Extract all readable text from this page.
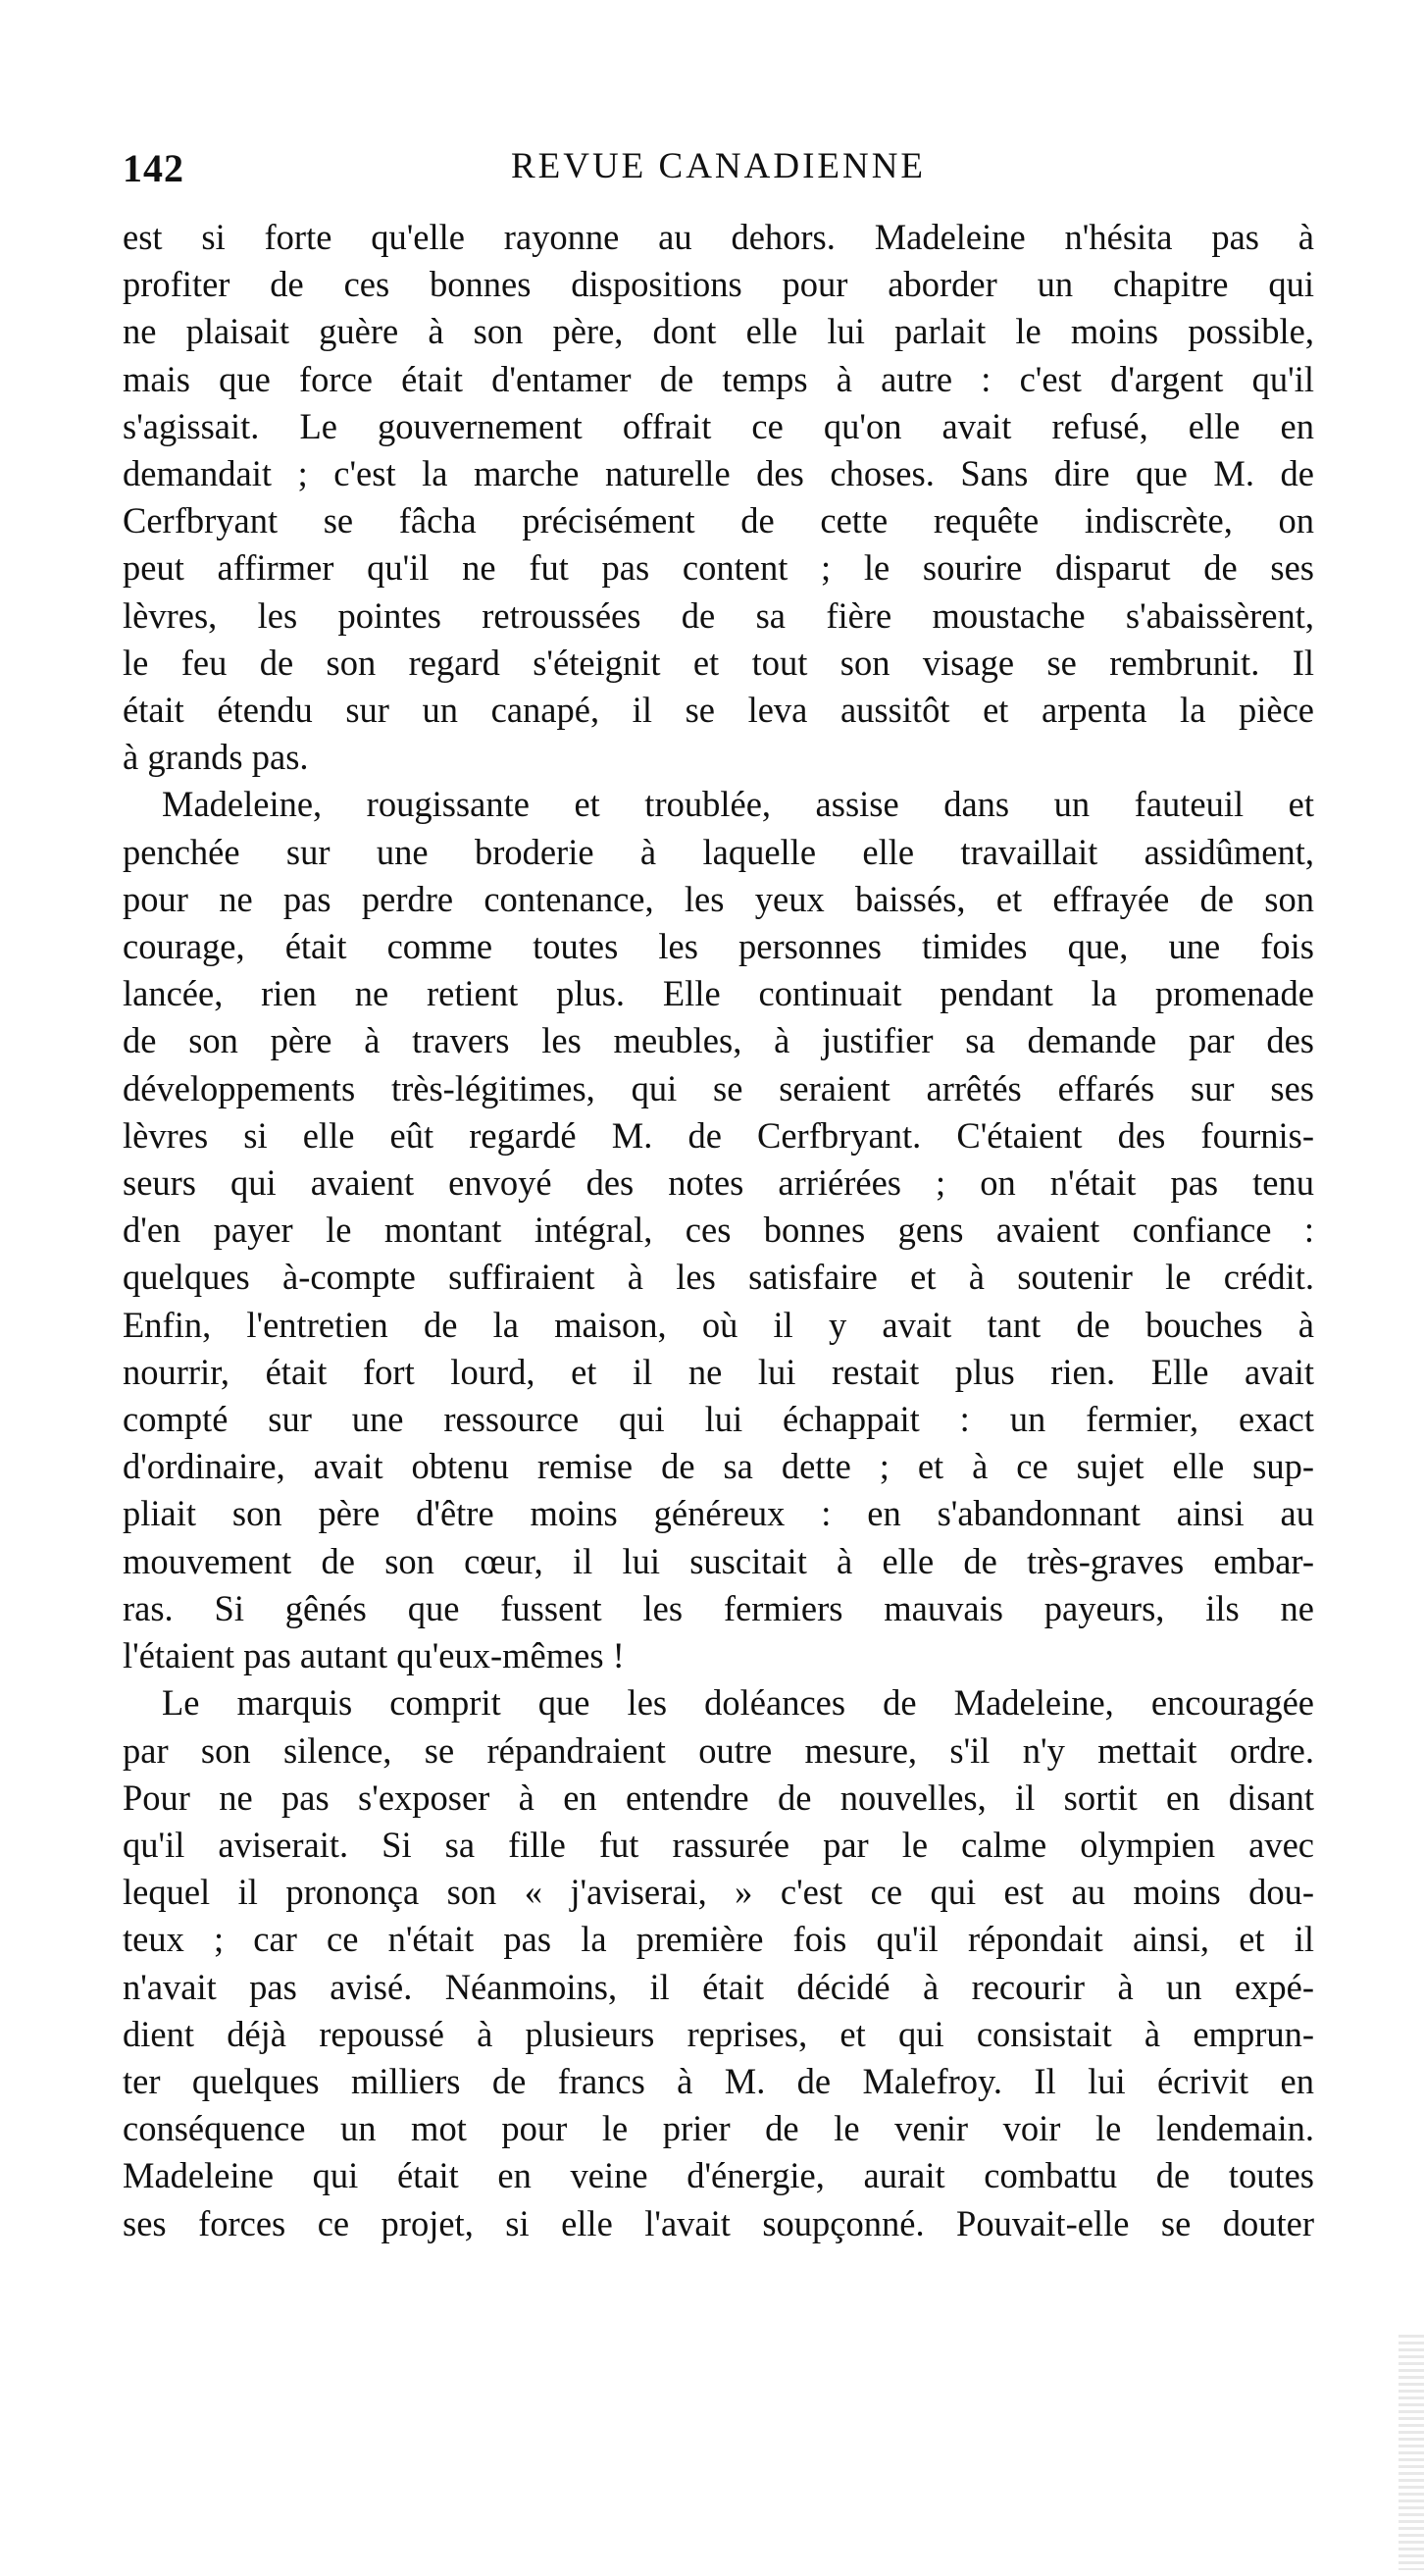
142	REVUE CANADIENNE

est si forte qu'elle rayonne au dehors. Madeleine n'hésita pas à
profiter de ces bonnes dispositions pour aborder un chapitre qui
ne plaisait guère à son père, dont elle lui parlait le moins possible,
mais que force était d'entamer de temps à autre : c'est d'argent qu'il
s'agissait. Le gouvernement offrait ce qu'on avait refusé, elle en
demandait ; c'est la marche naturelle des choses. Sans dire que M. de
Cerfbryant se fâcha précisément de cette requête indiscrète, on
peut affirmer qu'il ne fut pas content ; le sourire disparut de ses
lèvres, les pointes retroussées de sa fière moustache s'abaissèrent,
le feu de son regard s'éteignit et tout son visage se rembrunit. Il
était étendu sur un canapé, il se leva aussitôt et arpenta la pièce
à grands pas.

Madeleine, rougissante et troublée, assise dans un fauteuil et
penchée sur une broderie à laquelle elle travaillait assidûment,
pour ne pas perdre contenance, les yeux baissés, et effrayée de son
courage, était comme toutes les personnes timides que, une fois
lancée, rien ne retient plus. Elle continuait pendant la promenade
de son père à travers les meubles, à justifier sa demande par des
développements très-légitimes, qui se seraient arrêtés effarés sur ses
lèvres si elle eût regardé M. de Cerfbryant. C'étaient des fournis-
seurs qui avaient envoyé des notes arriérées ; on n'était pas tenu
d'en payer le montant intégral, ces bonnes gens avaient confiance :
quelques à-compte suffiraient à les satisfaire et à soutenir le crédit.
Enfin, l'entretien de la maison, où il y avait tant de bouches à
nourrir, était fort lourd, et il ne lui restait plus rien. Elle avait
compté sur une ressource qui lui échappait : un fermier, exact
d'ordinaire, avait obtenu remise de sa dette ; et à ce sujet elle sup-
pliait son père d'être moins généreux : en s'abandonnant ainsi au
mouvement de son cœur, il lui suscitait à elle de très-graves embar-
ras. Si gênés que fussent les fermiers mauvais payeurs, ils ne
l'étaient pas autant qu'eux-mêmes !

Le marquis comprit que les doléances de Madeleine, encouragée
par son silence, se répandraient outre mesure, s'il n'y mettait ordre.
Pour ne pas s'exposer à en entendre de nouvelles, il sortit en disant
qu'il aviserait. Si sa fille fut rassurée par le calme olympien avec
lequel il prononça son « j'aviserai, » c'est ce qui est au moins dou-
teux ; car ce n'était pas la première fois qu'il répondait ainsi, et il
n'avait pas avisé. Néanmoins, il était décidé à recourir à un expé-
dient déjà repoussé à plusieurs reprises, et qui consistait à emprun-
ter quelques milliers de francs à M. de Malefroy. Il lui écrivit en
conséquence un mot pour le prier de le venir voir le lendemain.
Madeleine qui était en veine d'énergie, aurait combattu de toutes
ses forces ce projet, si elle l'avait soupçonné. Pouvait-elle se douter
